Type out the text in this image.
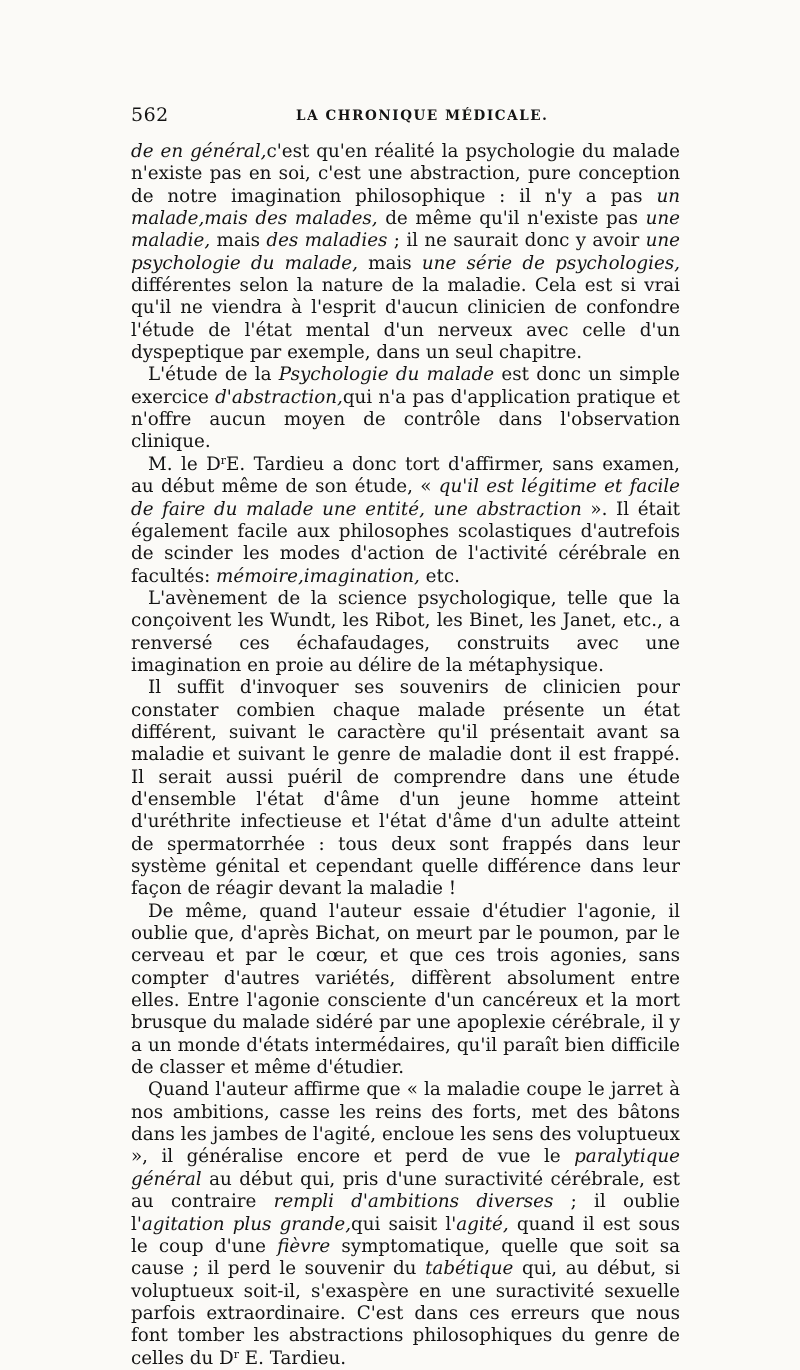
562	LA CHRONIQUE MÉDICALE.

de en général,c'est qu'en réalité la psychologie du malade n'existe pas en soi, c'est une abstraction, pure conception de notre imagination philosophique : il n'y a pas un malade,mais des malades, de même qu'il n'existe pas une maladie, mais des maladies ; il ne saurait donc y avoir une psychologie du malade, mais une série de psychologies, différentes selon la nature de la maladie. Cela est si vrai qu'il ne viendra à l'esprit d'aucun clinicien de confondre l'étude de l'état mental d'un nerveux avec celle d'un dyspeptique par exemple, dans un seul chapitre.

L'étude de la Psychologie du malade est donc un simple exercice d'abstraction,qui n'a pas d'application pratique et n'offre aucun moyen de contrôle dans l'observation clinique.

M. le $D^rE$. Tardieu a donc tort d'affirmer, sans examen, au début même de son étude, « qu'il est légitime et facile de faire du malade une entité, une abstraction ». Il était également facile aux philosophes scolastiques d'autrefois de scinder les modes d'action de l'activité cérébrale en facultés: mémoire,imagination, etc.

L'avènement de la science psychologique, telle que la conçoivent les Wundt, les Ribot, les Binet, les Janet, etc., a renversé ces échafaudages, construits avec une imagination en proie au délire de la métaphysique.

Il suffit d'invoquer ses souvenirs de clinicien pour constater combien chaque malade présente un état différent, suivant le caractère qu'il présentait avant sa maladie et suivant le genre de maladie dont il est frappé. Il serait aussi puéril de comprendre dans une étude d'ensemble l'état d'âme d'un jeune homme atteint d'uréthrite infectieuse et l'état d'âme d'un adulte atteint de spermatorrhée : tous deux sont frappés dans leur système génital et cependant quelle différence dans leur façon de réagir devant la maladie !

De même, quand l'auteur essaie d'étudier l'agonie, il oublie que, d'après Bichat, on meurt par le poumon, par le cerveau et par le cœur, et que ces trois agonies, sans compter d'autres variétés, diffèrent absolument entre elles. Entre l'agonie consciente d'un cancéreux et la mort brusque du malade sidéré par une apoplexie cérébrale, il y a un monde d'états intermédaires, qu'il paraît bien difficile de classer et même d'étudier.

Quand l'auteur affirme que « la maladie coupe le jarret à nos ambitions, casse les reins des forts, met des bâtons dans les jambes de l'agité, encloue les sens des voluptueux », il généralise encore et perd de vue le paralytique général au début qui, pris d'une suractivité cérébrale, est au contraire rempli d'ambitions diverses ; il oublie l'agitation plus grande,qui saisit l'agité, quand il est sous le coup d'une fièvre symptomatique, quelle que soit sa cause ; il perd le souvenir du tabétique qui, au début, si voluptueux soit-il, s'exaspère en une suractivité sexuelle parfois extraordinaire. C'est dans ces erreurs que nous font tomber les abstractions philosophiques du genre de celles du $D^r$ E. Tardieu.
